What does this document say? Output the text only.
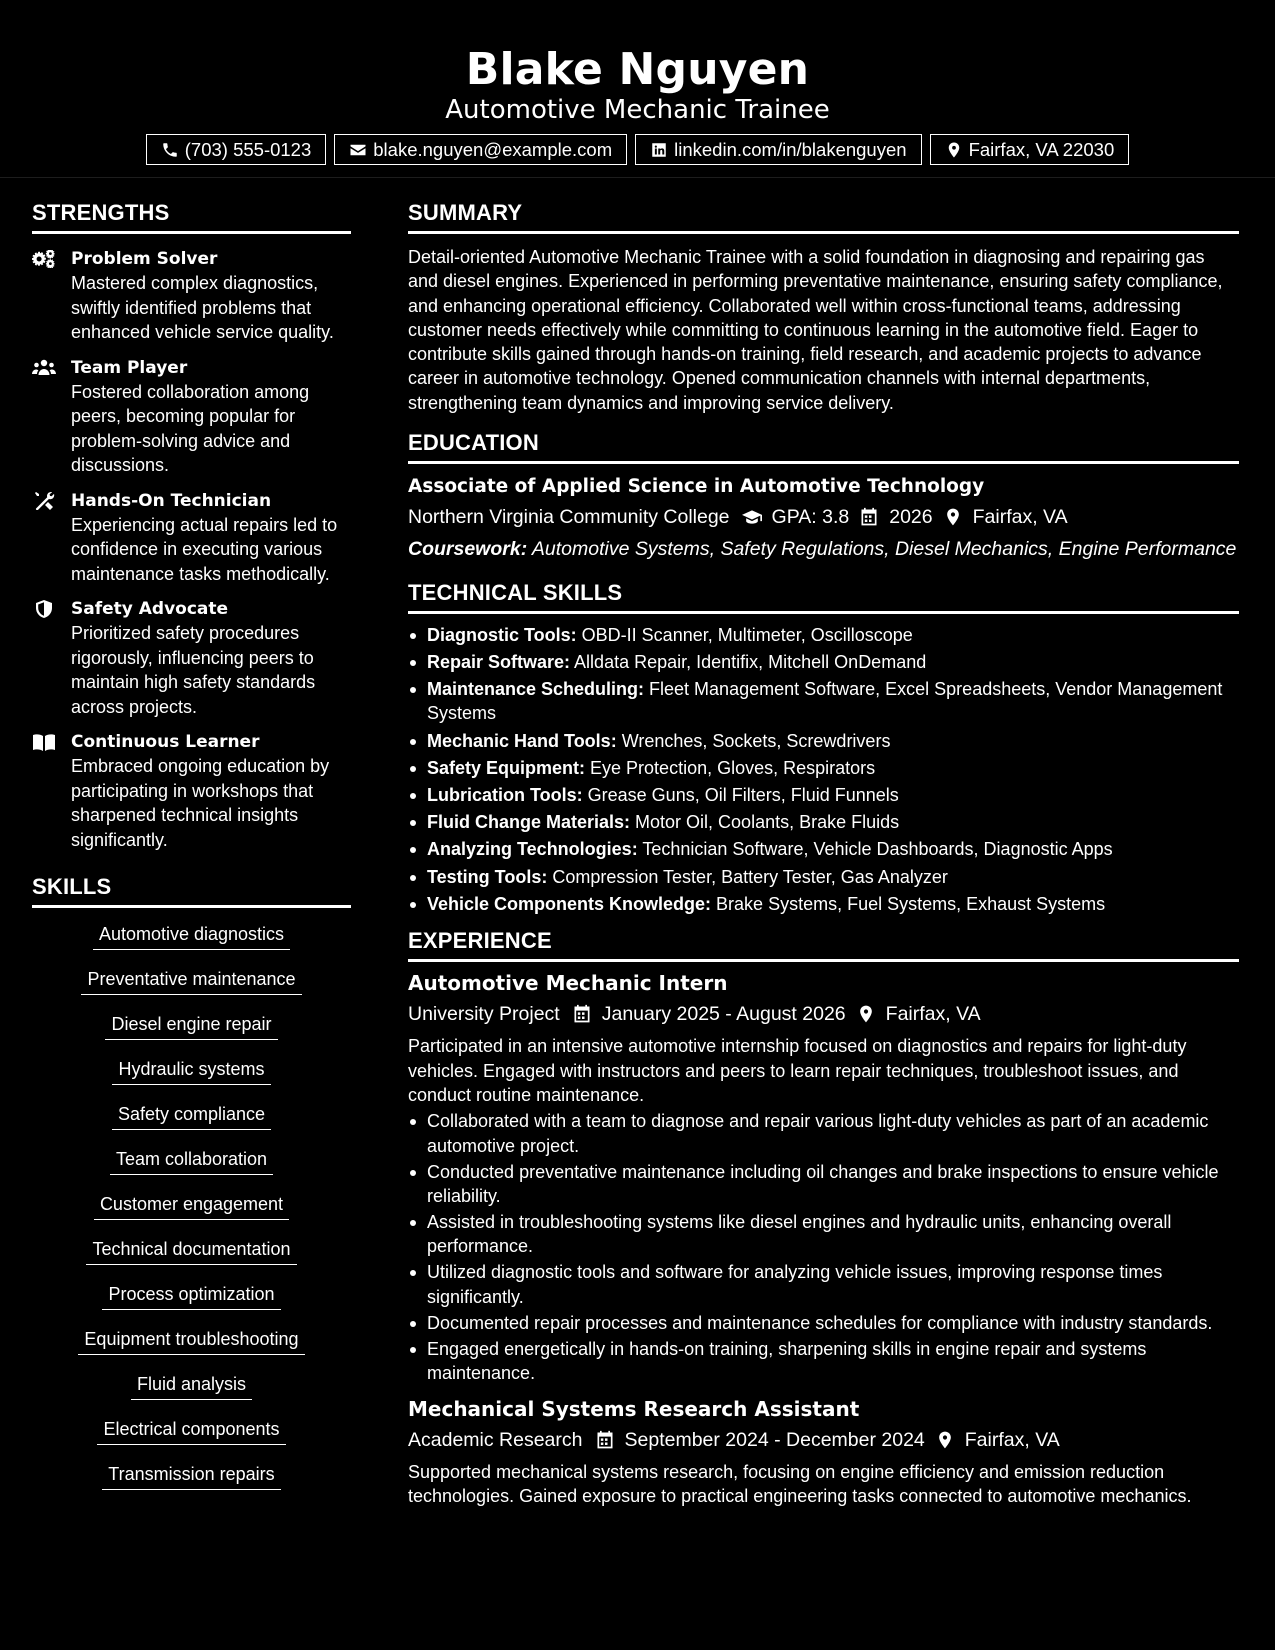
Blake Nguyen
Automotive Mechanic Trainee
(703) 555-0123	blake.nguyen@example.com	linkedin.com/in/blakenguyen	Fairfax, VA 22030
STRENGTHS
Problem Solver
Mastered complex diagnostics, swiftly identified problems that enhanced vehicle service quality.
Team Player
Fostered collaboration among peers, becoming popular for problem-solving advice and discussions.
Hands-On Technician
Experiencing actual repairs led to confidence in executing various maintenance tasks methodically.
Safety Advocate
Prioritized safety procedures rigorously, influencing peers to maintain high safety standards across projects.
Continuous Learner
Embraced ongoing education by participating in workshops that sharpened technical insights significantly.
SKILLS
Automotive diagnostics
Preventative maintenance
Diesel engine repair
Hydraulic systems
Safety compliance
Team collaboration
Customer engagement
Technical documentation
Process optimization
Equipment troubleshooting
Fluid analysis
Electrical components
Transmission repairs
SUMMARY

Detail-oriented Automotive Mechanic Trainee with a solid foundation in diagnosing and repairing gas and diesel engines. Experienced in performing preventative maintenance, ensuring safety compliance, and enhancing operational efficiency. Collaborated well within cross-functional teams, addressing customer needs effectively while committing to continuous learning in the automotive field. Eager to contribute skills gained through hands-on training, field research, and academic projects to advance career in automotive technology. Opened communication channels with internal departments, strengthening team dynamics and improving service delivery.

EDUCATION
Associate of Applied Science in Automotive Technology
Northern Virginia Community College GPA: 3.8 2026 Fairfax, VA
Coursework: Automotive Systems, Safety Regulations, Diesel Mechanics, Engine Performance
TECHNICAL SKILLS
Diagnostic Tools: OBD-II Scanner, Multimeter, Oscilloscope
Repair Software: Alldata Repair, Identifix, Mitchell OnDemand
Maintenance Scheduling: Fleet Management Software, Excel Spreadsheets, Vendor Management Systems
Mechanic Hand Tools: Wrenches, Sockets, Screwdrivers
Safety Equipment: Eye Protection, Gloves, Respirators
Lubrication Tools: Grease Guns, Oil Filters, Fluid Funnels
Fluid Change Materials: Motor Oil, Coolants, Brake Fluids
Analyzing Technologies: Technician Software, Vehicle Dashboards, Diagnostic Apps
Testing Tools: Compression Tester, Battery Tester, Gas Analyzer
Vehicle Components Knowledge: Brake Systems, Fuel Systems, Exhaust Systems
EXPERIENCE
Automotive Mechanic Intern
University Project January 2025 - August 2026 Fairfax, VA

Participated in an intensive automotive internship focused on diagnostics and repairs for light-duty vehicles. Engaged with instructors and peers to learn repair techniques, troubleshoot issues, and conduct routine maintenance.

Collaborated with a team to diagnose and repair various light-duty vehicles as part of an academic automotive project.
Conducted preventative maintenance including oil changes and brake inspections to ensure vehicle reliability.
Assisted in troubleshooting systems like diesel engines and hydraulic units, enhancing overall performance.
Utilized diagnostic tools and software for analyzing vehicle issues, improving response times significantly.
Documented repair processes and maintenance schedules for compliance with industry standards.
Engaged energetically in hands-on training, sharpening skills in engine repair and systems maintenance.
Mechanical Systems Research Assistant
Academic Research September 2024 - December 2024 Fairfax, VA

Supported mechanical systems research, focusing on engine efficiency and emission reduction technologies. Gained exposure to practical engineering tasks connected to automotive mechanics.
